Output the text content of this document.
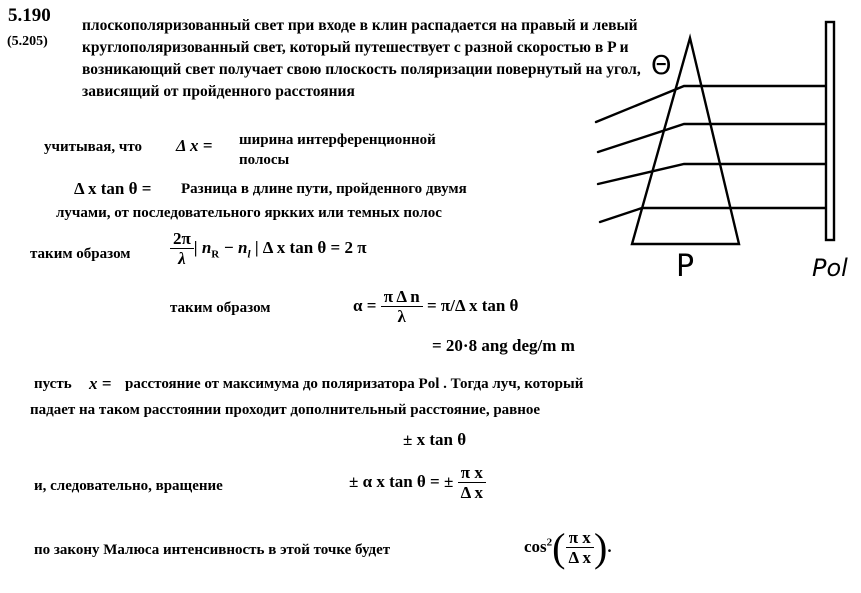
5.190
(5.205)
плоскополяризованный свет при входе в клин распадается на правый и левый круглополяризованный свет, который путешествует с разной скоростью в P и возникающий свет получает свою плоскость поляризации повернутый на угол, зависящий от пройденного расстояния
учитывая, что Δ x = ширина интерференционной
полосы
Δ x tan θ = Разница в длине пути, пройденного двумя
лучами, от последовательного яркких или темных полос
таким образом $\frac{2\pi}{\lambda}$ | $n_R - n_l$ | Δ x tan θ = 2 π
таким образом	$\alpha = \frac{\text{π Δ n}}{\lambda} = \pi/\Delta$ x tan θ
= 20·8 ang deg/m m
пусть x = расстояние от максимума до поляризатора Pol . Тогда луч, который
падает на таком расстоянии проходит дополнительный расстояние, равное
± x tan θ
и, следовательно, вращение	± α x tan θ = ± $\frac{\text{π x}}{\text{Δ x}}$
по закону Малюса интенсивность в этой точке будет	$\cos^2( \frac{\text{π x}}{\text{Δ x}}$ ).
Θ
P	Pol
